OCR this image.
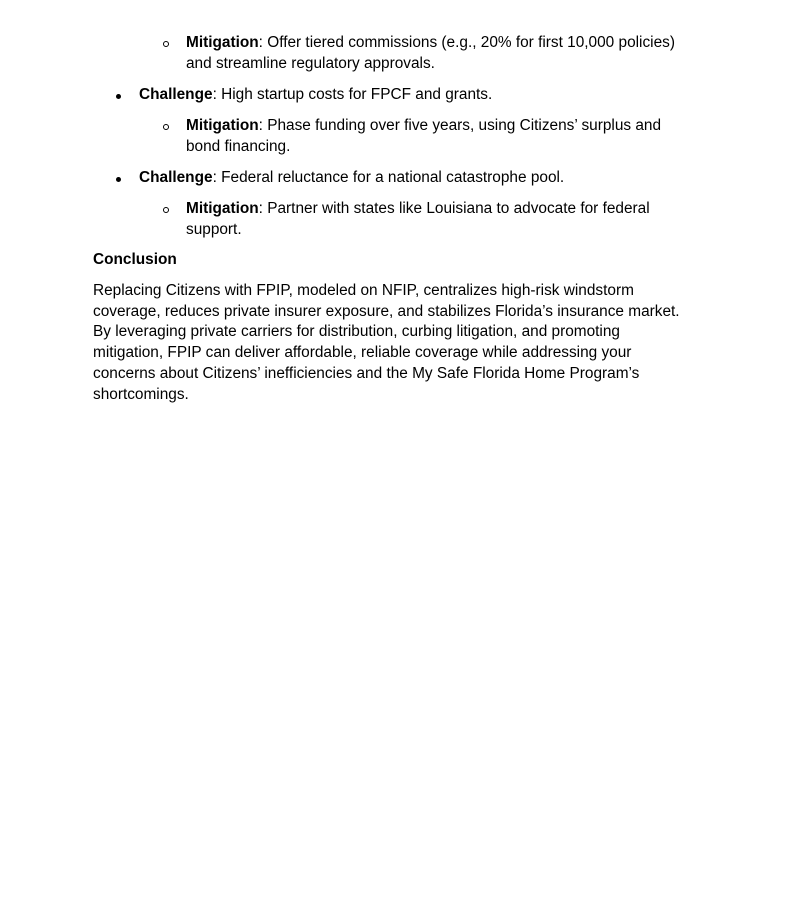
Mitigation: Offer tiered commissions (e.g., 20% for first 10,000 policies) and streamline regulatory approvals.
Challenge: High startup costs for FPCF and grants.
Mitigation: Phase funding over five years, using Citizens’ surplus and bond financing.
Challenge: Federal reluctance for a national catastrophe pool.
Mitigation: Partner with states like Louisiana to advocate for federal support.
Conclusion
Replacing Citizens with FPIP, modeled on NFIP, centralizes high-risk windstorm coverage, reduces private insurer exposure, and stabilizes Florida’s insurance market. By leveraging private carriers for distribution, curbing litigation, and promoting mitigation, FPIP can deliver affordable, reliable coverage while addressing your concerns about Citizens’ inefficiencies and the My Safe Florida Home Program’s shortcomings.
